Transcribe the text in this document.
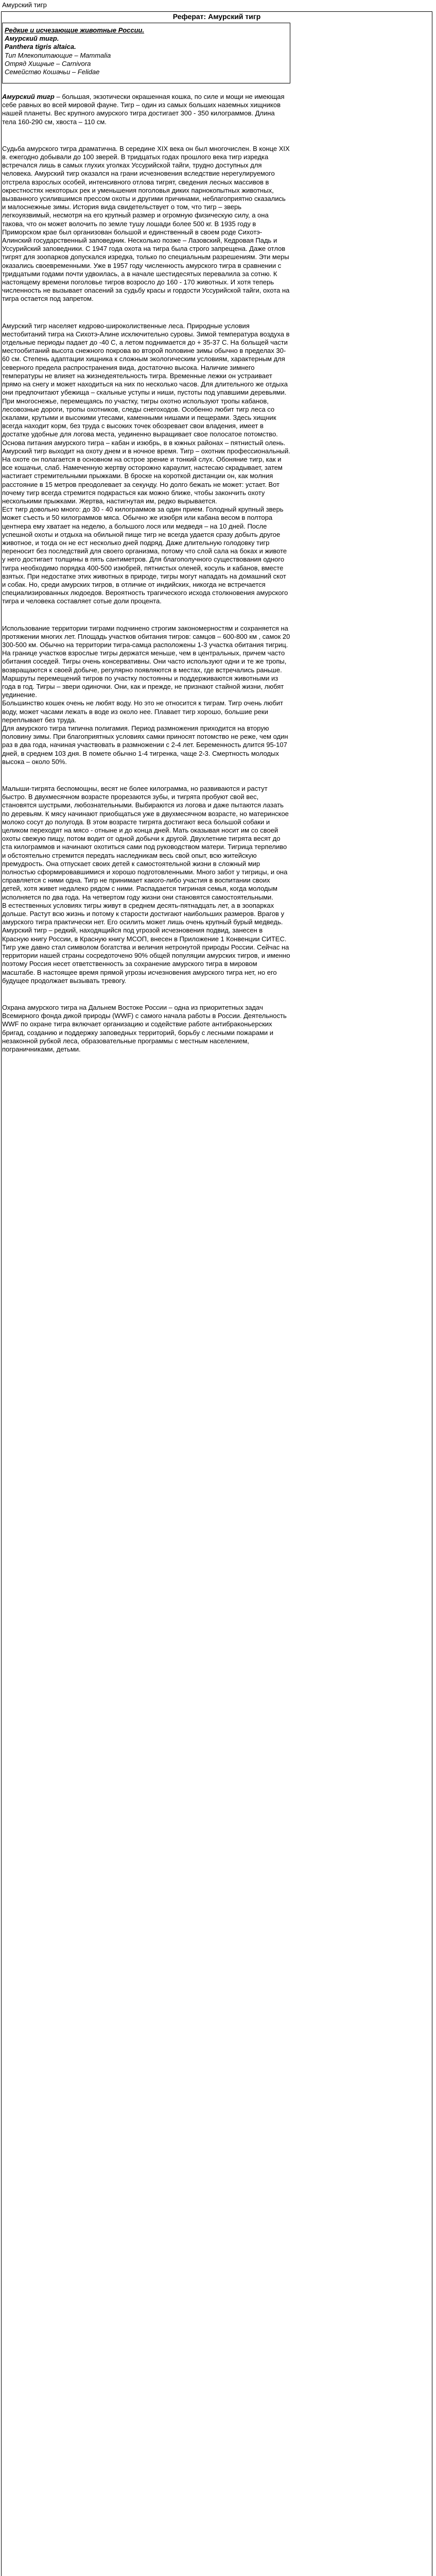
Амурский тигр
Реферат: Амурский тигр
Редкие и исчезающие животные России.
Амурский тигр.
Panthera tigris altaica.
Тип Млекопитающие – Mammalia
Отряд Хищные – Carnivora
Семейство Кошачьи – Felidae

Амурский тигр – большая, экзотически окрашенная кошка, по силе и мощи не имеющая себе равных во всей мировой фауне. Тигр – один из самых больших наземных хищников нашей планеты. Вес крупного амурского тигра достигает 300 - 350 килограммов. Длина тела 160-290 см, хвоста – 110 см.

Судьба амурского тигра драматична. В середине XIX века он был многочислен. В конце XIX в. ежегодно добывали до 100 зверей. В тридцатых годах прошлого века тигр изредка встречался лишь в самых глухих уголках Уссурийской тайги, трудно доступных для человека. Амурский тигр оказался на грани исчезновения вследствие нерегулируемого отстрела взрослых особей, интенсивного отлова тигрят, сведения лесных массивов в окрестностях некоторых рек и уменьшения поголовья диких парнокопытных животных, вызванного усилившимся прессом охоты и другими причинами, неблагоприятно сказались и малоснежные зимы. История вида свидетельствует о том, что тигр – зверь легкоуязвимый, несмотря на его крупный размер и огромную физическую силу, а она такова, что он может волочить по земле тушу лошади более 500 кг. В 1935 году в Приморском крае был организован большой и единственный в своем роде Сихотэ-Алинский государственный заповедник. Несколько позже – Лазовский, Кедровая Падь и Уссурийский заповедники. С 1947 года охота на тигра была строго запрещена. Даже отлов тигрят для зоопарков допускался изредка, только по специальным разрешениям. Эти меры оказались своевременными. Уже в 1957 году численность амурского тигра в сравнении с тридцатыми годами почти удвоилась, а в начале шестидесятых перевалила за сотню. К настоящему времени поголовье тигров возросло до 160 - 170 животных. И хотя теперь численность не вызывает опасений за судьбу красы и гордости Уссурийской тайги, охота на тигра остается под запретом.

Амурский тигр населяет кедрово-широколиственные леса. Природные условия местобитаний тигра на Сихотэ-Алине исключительно суровы. Зимой температура воздуха в отдельные периоды падает до -40 С, а летом поднимается до + 35-37 С. На больщей части местообитаний высота снежного покрова во второй половине зимы обычно в пределах 30-60 см. Степень адаптации хищника к сложным экологическим условиям, характерным для северного предела распространения вида, достаточно высока. Наличие зимнего температуры не влияет на жизнедеятельность тигра. Временные лежки он устраивает прямо на снегу и может находиться на них по несколько часов. Для длительного же отдыха они предпочитают убежища – скальные уступы и ниши, пустоты под упавшими деревьями. При многоснежье, перемещаясь по участку, тигры охотно используют тропы кабанов, лесовозные дороги, тропы охотников, следы снегоходов. Особенно любит тигр леса со скалами, крутыми и высокими утесами, каменными нишами и пещерами. Здесь хищник всегда находит корм, без труда с высоких точек обозревает свои владения, имеет в достатке удобные для логова места, уединенно выращивает свое полосатое потомство.

Основа питания амурского тигра – кабан и изюбрь, в в южных районах – пятнистый олень. Амурский тигр выходит на охоту днем и в ночное время. Тигр – охотник профессиональный. На охоте он полагается в основном на острое зрение и тонкий слух. Обоняние тигр, как и все кошачьи, слаб. Намеченную жертву осторожно караулит, настесаю скрадывает, затем настигает стремительными прыжками. В броске на короткой дистанции он, как молния расстояние в 15 метров преодолевает за секунду. Но долго бежать не может: устает. Вот почему тигр всегда стремится подкрасться как можно ближе, чтобы закончить охоту несколькими прыжками. Жертва, настигнутая им, редко вырывается.

Ест тигр довольно много: до 30 - 40 килограммов за один прием. Голодный крупный зверь может съесть и 50 килограммов мяса. Обычно же изюбря или кабана весом в полтора центнера ему хватает на неделю, а большого лося или медведя – на 10 дней. После успешной охоты и отдыха на обильной пище тигр не всегда удается сразу добыть другое животное, и тогда он не ест несколько дней подряд. Даже длительную голодовку тигр переносит без последствий для своего организма, потому что слой сала на боках и животе у него достигает толщины в пять сантиметров. Для благополучного существования одного тигра необходимо порядка 400-500 изюбрей, пятнистых оленей, косуль и кабанов, вместе взятых. При недостатке этих животных в природе, тигры могут нападать на домашний скот и собак. Но, среди амурских тигров, в отличие от индийских, никогда не встречается специализированных людоедов. Вероятность трагического исхода столкновения амурского тигра и человека составляет сотые доли процента.

Использование территории тиграми подчинено строгим закономерностям и сохраняется на протяжении многих лет. Площадь участков обитания тигров: самцов – 600-800 км , самок 20 300-500 км. Обычно на территории тигра-самца расположены 1-3 участка обитания тигриц. На границе участков взрослые тигры держатся меньше, чем в центральных, причем часто обитания соседей. Тигры очень консервативны. Они часто используют одни и те же тропы, возвращаются к своей добыче, регулярно появляются в местах, где встречались раньше. Маршруты перемещений тигров по участку постоянны и поддерживаются животными из года в год. Тигры – звери одиночки. Они, как и прежде, не признают стайной жизни, любят уединение.

Большинство кошек очень не любят воду. Но это не относится к тиграм. Тигр очень любит воду, может часами лежать в воде из около нее. Плавает тигр хорошо, большие реки переплывает без труда.

Для амурского тигра типична полигамия. Период размножения приходится на вторую половину зимы. При благоприятных условиях самки приносят потомство не реже, чем один раз в два года, начиная участвовать в размножении с 2-4 лет. Беременность длится 95-107 дней, в среднем 103 дня. В помете обычно 1-4 тигренка, чаще 2-3. Смертность молодых высока – около 50%.

Малыши-тигрята беспомощны, весят не более килограмма, но развиваются и растут быстро. В двухмесячном возрасте прорезаются зубы, и тигрята пробуют свой вес, становятся шустрыми, любознательными. Выбираются из логова и даже пытаются лазать по деревьям. К мясу начинают приобщаться уже в двухмесячном возрасте, но материнское молоко сосут до полугода. В этом возрасте тигрята достигают веса большой собаки и целиком переходят на мясо - отныне и до конца дней. Мать оказывая носит им со своей охоты свежую пищу, потом водит от одной добычи к другой. Двухлетние тигрята весят до ста килограммов и начинают охотиться сами под руководством матери. Тигрица терпеливо и обстоятельно стремится передать наследникам весь свой опыт, всю житейскую премудрость. Она отпускает своих детей к самостоятельной жизни в сложный мир полностью сформировавшимися и хорошо подготовленными. Много забот у тигрицы, и она справляется с ними одна. Тигр не принимает какого-либо участия в воспитании своих детей, хотя живет недалеко рядом с ними. Распадается тигриная семья, когда молодым исполняется по два года. На четвертом году жизни они становятся самостоятельными.

В естественных условиях тигры живут в среднем десять-пятнадцать лет, а в зоопарках дольше. Растут всю жизнь и потому к старости достигают наибольших размеров. Врагов у амурского тигра практически нет. Его осилить может лишь очень крупный бурый медведь.

Амурский тигр – редкий, находящийся под угрозой исчезновения подвид, занесен в Красную книгу России, в Красную книгу МСОП, внесен в Приложение 1 Конвенции СИТЕС. Тигр уже давно стал символом богатства и величия нетронутой природы России. Сейчас на территории нашей страны сосредоточено 90% общей популяции амурских тигров, и именно поэтому Россия несет ответственность за сохранение амурского тигра в мировом масштабе. В настоящее время прямой угрозы исчезновения амурского тигра нет, но его будущее продолжает вызывать тревогу.

Охрана амурского тигра на Дальнем Востоке России – одна из приоритетных задач Всемирного фонда дикой природы (WWF) с самого начала работы в России. Деятельность WWF по охране тигра включает организацию и содействие работе антибраконьерских бригад, созданию и поддержку заповедных территорий, борьбу с лесными пожарами и незаконной рубкой леса, образовательные программы с местным населением, пограничниками, детьми.
